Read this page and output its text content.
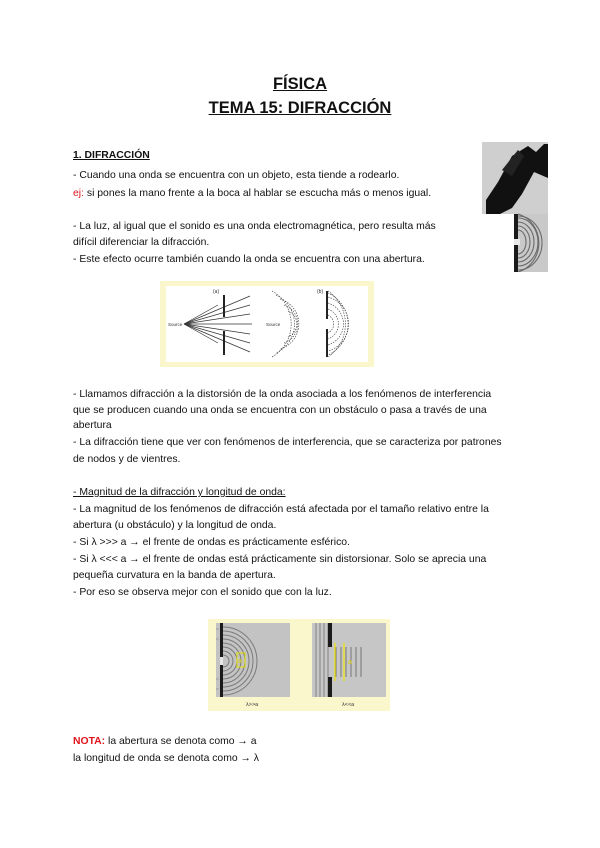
FÍSICA
TEMA 15: DIFRACCIÓN
1. DIFRACCIÓN
- Cuando una onda se encuentra con un objeto, esta tiende a rodearlo.
ej: si pones la mano frente a la boca al hablar se escucha más o menos igual.
- La luz, al igual que el sonido es una onda electromagnética, pero resulta más
difícil diferenciar la difracción.
- Este efecto ocurre también cuando la onda se encuentra con una abertura.
(a)	(b)
Source	Source
- Llamamos difracción a la distorsión de la onda asociada a los fenómenos de interferencia
que se producen cuando una onda se encuentra con un obstáculo o pasa a través de una
abertura
- La difracción tiene que ver con fenómenos de interferencia, que se caracteriza por patrones
de nodos y de vientres.
- Magnitud de la difracción y longitud de onda:
- La magnitud de los fenómenos de difracción está afectada por el tamaño relativo entre la
abertura (u obstáculo) y la longitud de onda.
- Si λ >>> a → el frente de ondas es prácticamente esférico.
- Si λ <<< a → el frente de ondas está prácticamente sin distorsionar. Solo se aprecia una
pequeña curvatura en la banda de apertura.
- Por eso se observa mejor con el sonido que con la luz.
a
λ>>a
a
λ<<a
NOTA: la abertura se denota como → a
la longitud de onda se denota como → λ
